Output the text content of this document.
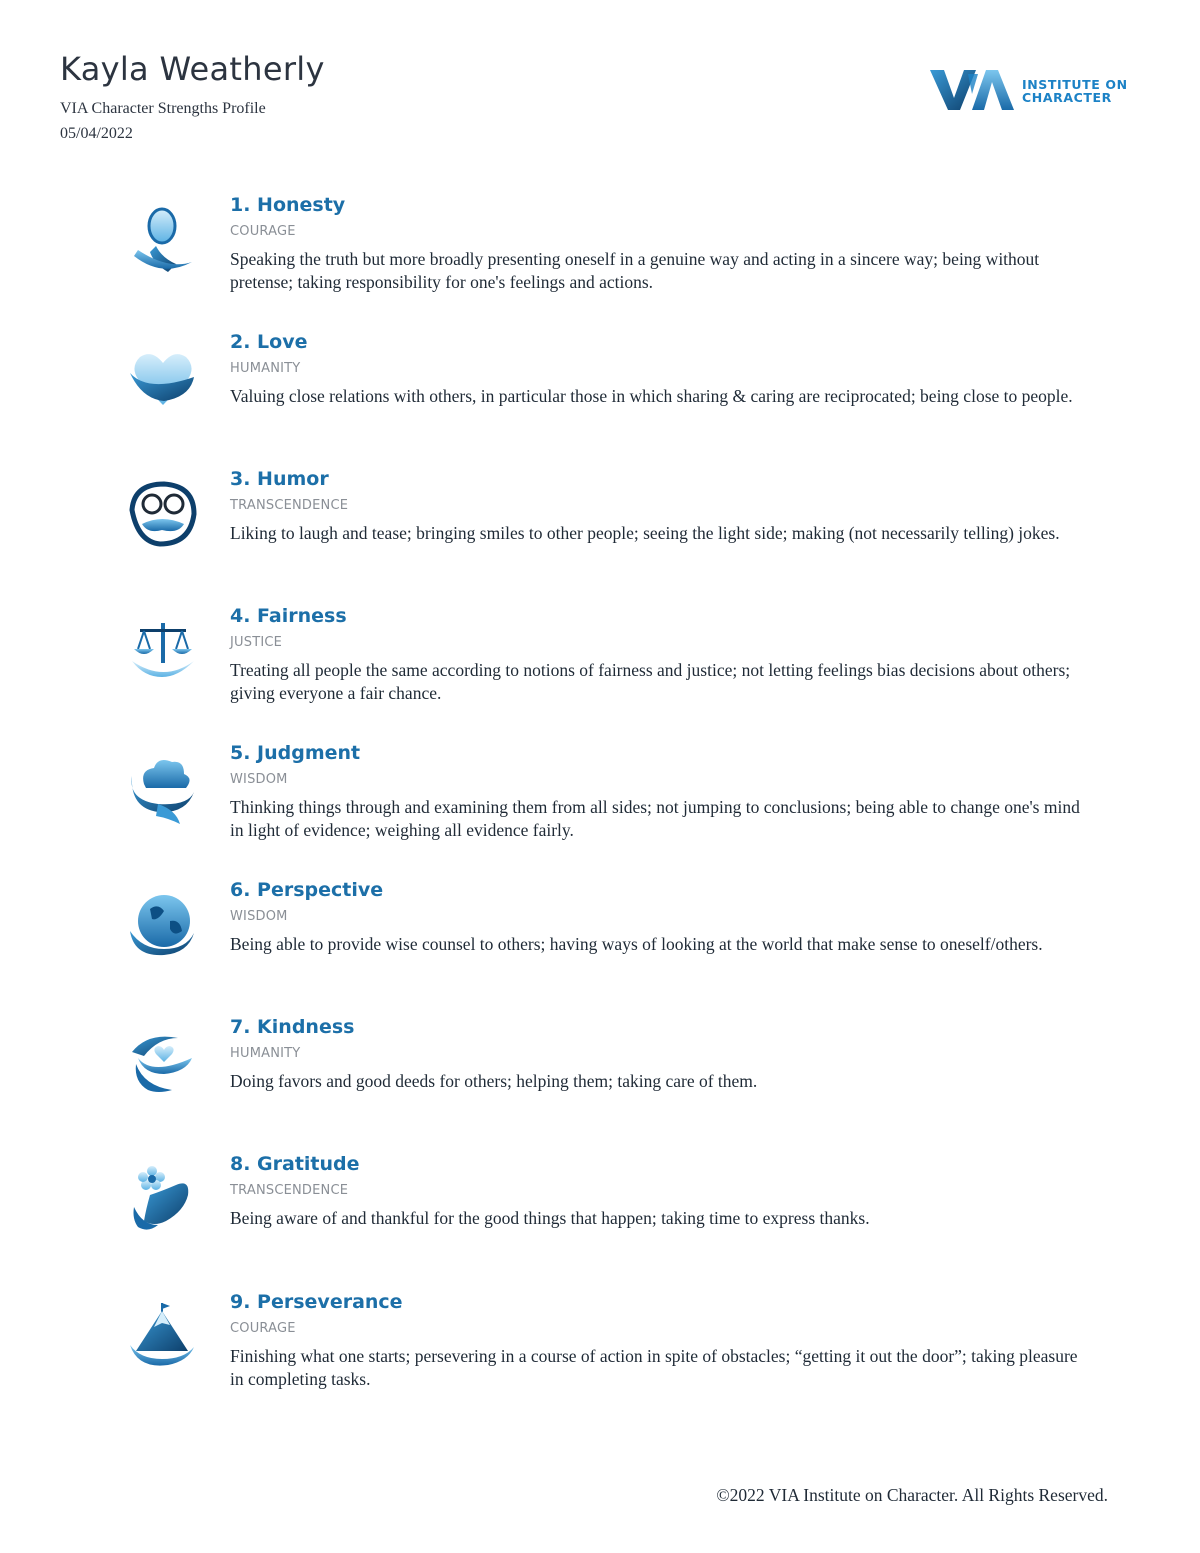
Kayla Weatherly
VIA Character Strengths Profile
05/04/2022
INSTITUTE ON
CHARACTER
1. Honesty
COURAGE

Speaking the truth but more broadly presenting oneself in a genuine way and acting in a sincere way; being without pretense; taking responsibility for one's feelings and actions.

2. Love
HUMANITY

Valuing close relations with others, in particular those in which sharing & caring are reciprocated; being close to people.

3. Humor
TRANSCENDENCE

Liking to laugh and tease; bringing smiles to other people; seeing the light side; making (not necessarily telling) jokes.

4. Fairness
JUSTICE

Treating all people the same according to notions of fairness and justice; not letting feelings bias decisions about others; giving everyone a fair chance.

5. Judgment
WISDOM

Thinking things through and examining them from all sides; not jumping to conclusions; being able to change one's mind in light of evidence; weighing all evidence fairly.

6. Perspective
WISDOM

Being able to provide wise counsel to others; having ways of looking at the world that make sense to oneself/others.

7. Kindness
HUMANITY

Doing favors and good deeds for others; helping them; taking care of them.

8. Gratitude
TRANSCENDENCE

Being aware of and thankful for the good things that happen; taking time to express thanks.

9. Perseverance
COURAGE

Finishing what one starts; persevering in a course of action in spite of obstacles; “getting it out the door”; taking pleasure in completing tasks.

©2022 VIA Institute on Character. All Rights Reserved.
